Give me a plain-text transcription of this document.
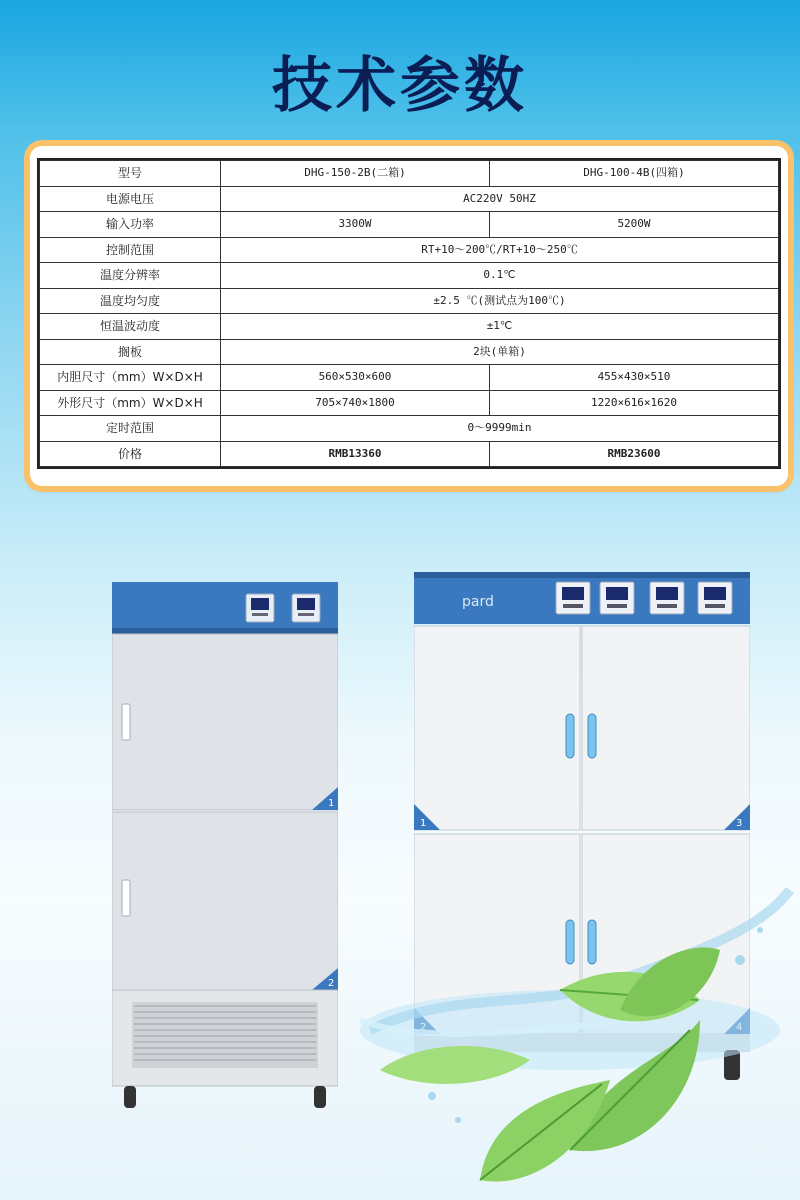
技术参数
型号	DHG-150-2B(二箱)	DHG-100-4B(四箱)
电源电压	AC220V 50HZ	
输入功率	3300W	5200W
控制范围	RT+10～200℃/RT+10～250℃	
温度分辨率	0.1℃	
温度均匀度	±2.5 ℃(测试点为100℃)	
恒温波动度	±1℃	
搁板	2块(单箱)	
内胆尺寸（mm）W×D×H	560×530×600	455×430×510
外形尺寸（mm）W×D×H	705×740×1800	1220×616×1620
定时范围	0～9999min	
价格	RMB13360	RMB23600
1
2
pard
1	3
